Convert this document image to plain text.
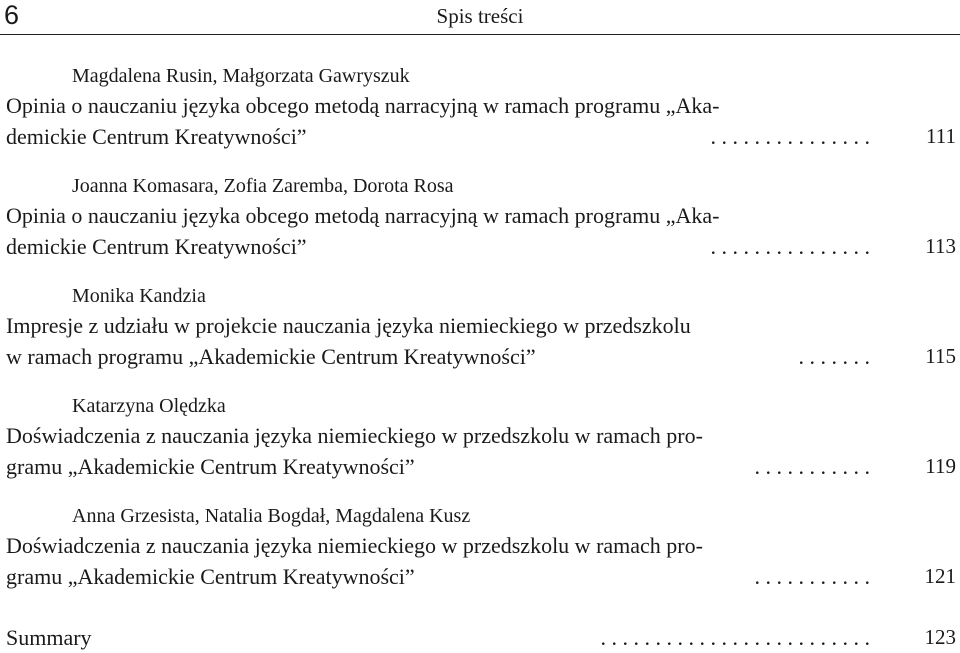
6	Spis treści
Magdalena Rusin, Małgorzata Gawryszuk
Opinia o nauczaniu języka obcego metodą narracyjną w ramach programu „Aka-
demickie Centrum Kreatywności”	. . . . . . . . . . . . . . .	111
Joanna Komasara, Zofia Zaremba, Dorota Rosa
Opinia o nauczaniu języka obcego metodą narracyjną w ramach programu „Aka-
demickie Centrum Kreatywności”	. . . . . . . . . . . . . . .	113
Monika Kandzia
Impresje z udziału w projekcie nauczania języka niemieckiego w przedszkolu
w ramach programu „Akademickie Centrum Kreatywności”	. . . . . . .	115
Katarzyna Olędzka
Doświadczenia z nauczania języka niemieckiego w przedszkolu w ramach pro-
gramu „Akademickie Centrum Kreatywności”	. . . . . . . . . . .	119
Anna Grzesista, Natalia Bogdał, Magdalena Kusz
Doświadczenia z nauczania języka niemieckiego w przedszkolu w ramach pro-
gramu „Akademickie Centrum Kreatywności”	. . . . . . . . . . .	121
Summary	. . . . . . . . . . . . . . . . . . . . . . . . .	123
